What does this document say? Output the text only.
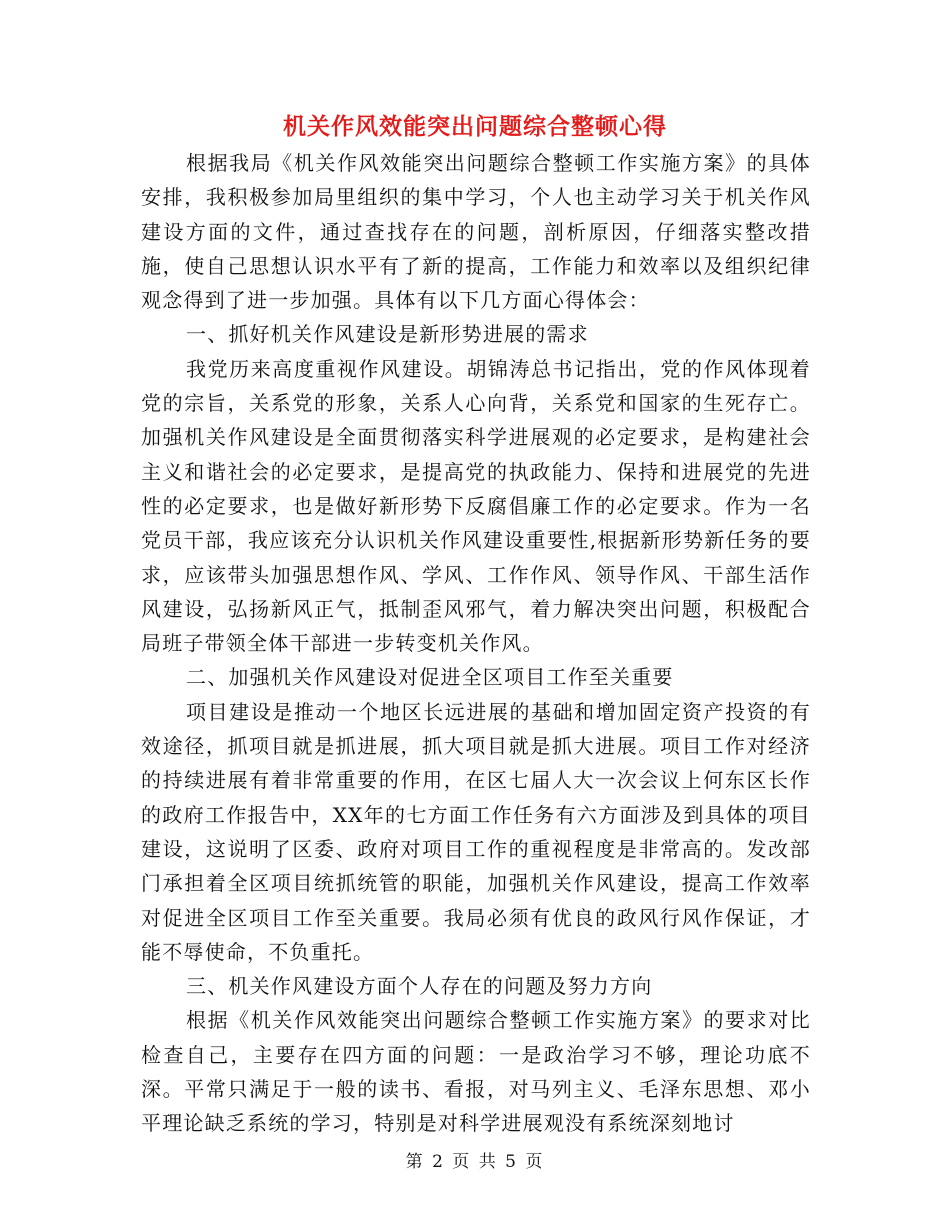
机关作风效能突出问题综合整顿心得

根据我局《机关作风效能突出问题综合整顿工作实施方案》的具体安排，我积极参加局里组织的集中学习，个人也主动学习关于机关作风建设方面的文件，通过查找存在的问题，剖析原因，仔细落实整改措施，使自己思想认识水平有了新的提高，工作能力和效率以及组织纪律观念得到了进一步加强。具体有以下几方面心得体会：

一、抓好机关作风建设是新形势进展的需求

我党历来高度重视作风建设。胡锦涛总书记指出，党的作风体现着党的宗旨，关系党的形象，关系人心向背，关系党和国家的生死存亡。加强机关作风建设是全面贯彻落实科学进展观的必定要求，是构建社会主义和谐社会的必定要求，是提高党的执政能力、保持和进展党的先进性的必定要求，也是做好新形势下反腐倡廉工作的必定要求。作为一名党员干部，我应该充分认识机关作风建设重要性,根据新形势新任务的要求，应该带头加强思想作风、学风、工作作风、领导作风、干部生活作风建设，弘扬新风正气，抵制歪风邪气，着力解决突出问题，积极配合局班子带领全体干部进一步转变机关作风。

二、加强机关作风建设对促进全区项目工作至关重要

项目建设是推动一个地区长远进展的基础和增加固定资产投资的有效途径，抓项目就是抓进展，抓大项目就是抓大进展。项目工作对经济的持续进展有着非常重要的作用，在区七届人大一次会议上何东区长作的政府工作报告中，XX年的七方面工作任务有六方面涉及到具体的项目建设，这说明了区委、政府对项目工作的重视程度是非常高的。发改部门承担着全区项目统抓统管的职能，加强机关作风建设，提高工作效率对促进全区项目工作至关重要。我局必须有优良的政风行风作保证，才能不辱使命，不负重托。

三、机关作风建设方面个人存在的问题及努力方向

根据《机关作风效能突出问题综合整顿工作实施方案》的要求对比检查自己，主要存在四方面的问题：一是政治学习不够，理论功底不深。平常只满足于一般的读书、看报，对马列主义、毛泽东思想、邓小平理论缺乏系统的学习，特别是对科学进展观没有系统深刻地讨

第 2 页 共 5 页
